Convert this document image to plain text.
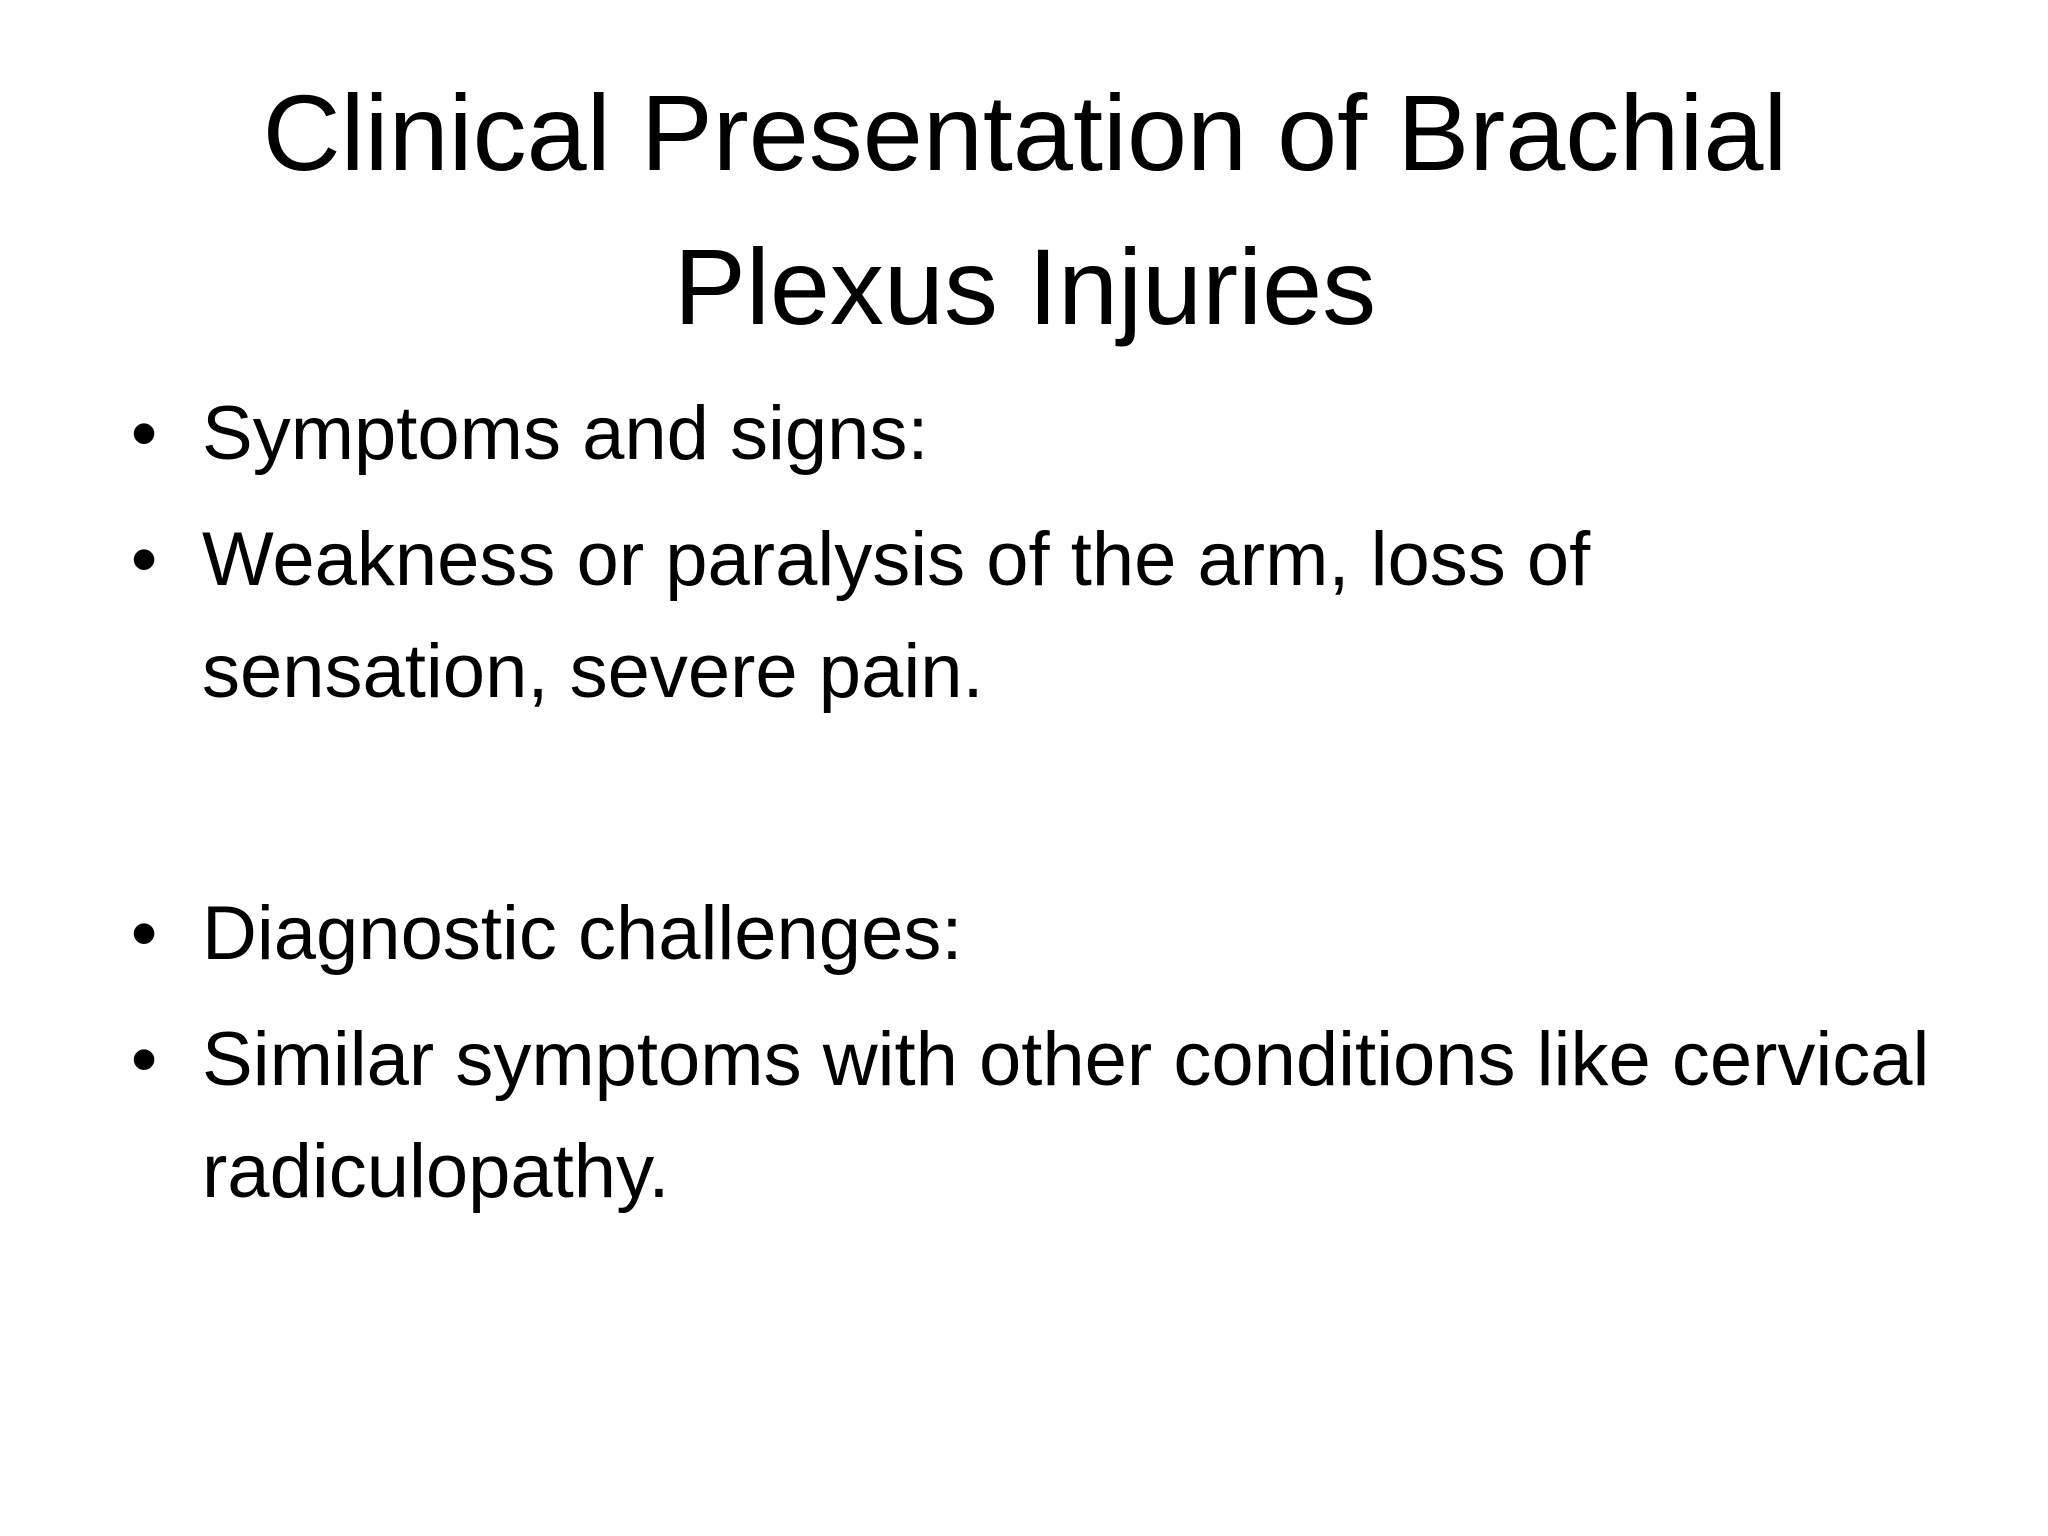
Clinical Presentation of Brachial Plexus Injuries
• Symptoms and signs:
• Weakness or paralysis of the arm, loss of sensation, severe pain.
• Diagnostic challenges:
• Similar symptoms with other conditions like cervical radiculopathy.
